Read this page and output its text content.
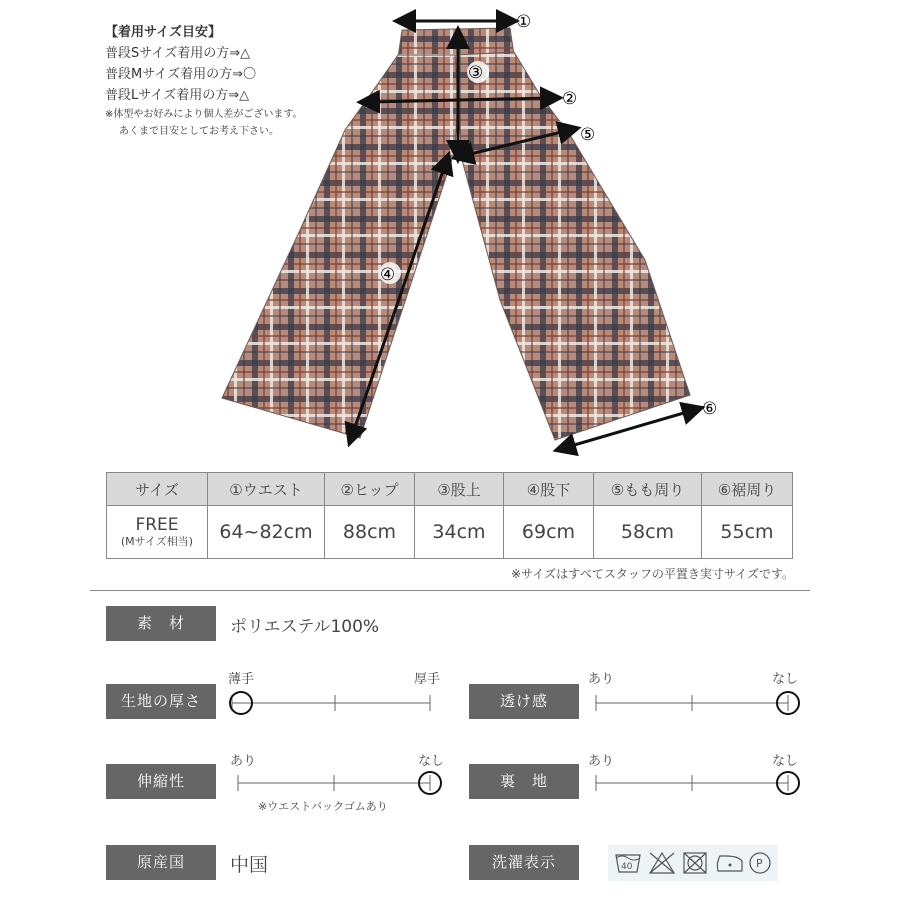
【着用サイズ目安】
普段Sサイズ着用の方⇒△
普段Mサイズ着用の方⇒〇
普段Lサイズ着用の方⇒△
※体型やお好みにより個人差がございます。
あくまで目安としてお考え下さい。
①
②
③
⑤
④
⑥
サイズ	①ウエスト	②ヒップ	③股上	④股下	⑤もも周り	⑥裾周り

FREE
(Mサイズ相当)	64~82cm	88cm	34cm	69cm	58cm	55cm
※サイズはすべてスタッフの平置き実寸サイズです。
素　材	ポリエステル100%
生地の厚さ
薄手	厚手
透け感
あり	なし
伸縮性
あり	なし
※ウエストバックゴムあり
裏　地
あり	なし
原産国	中国	洗濯表示	40	P
